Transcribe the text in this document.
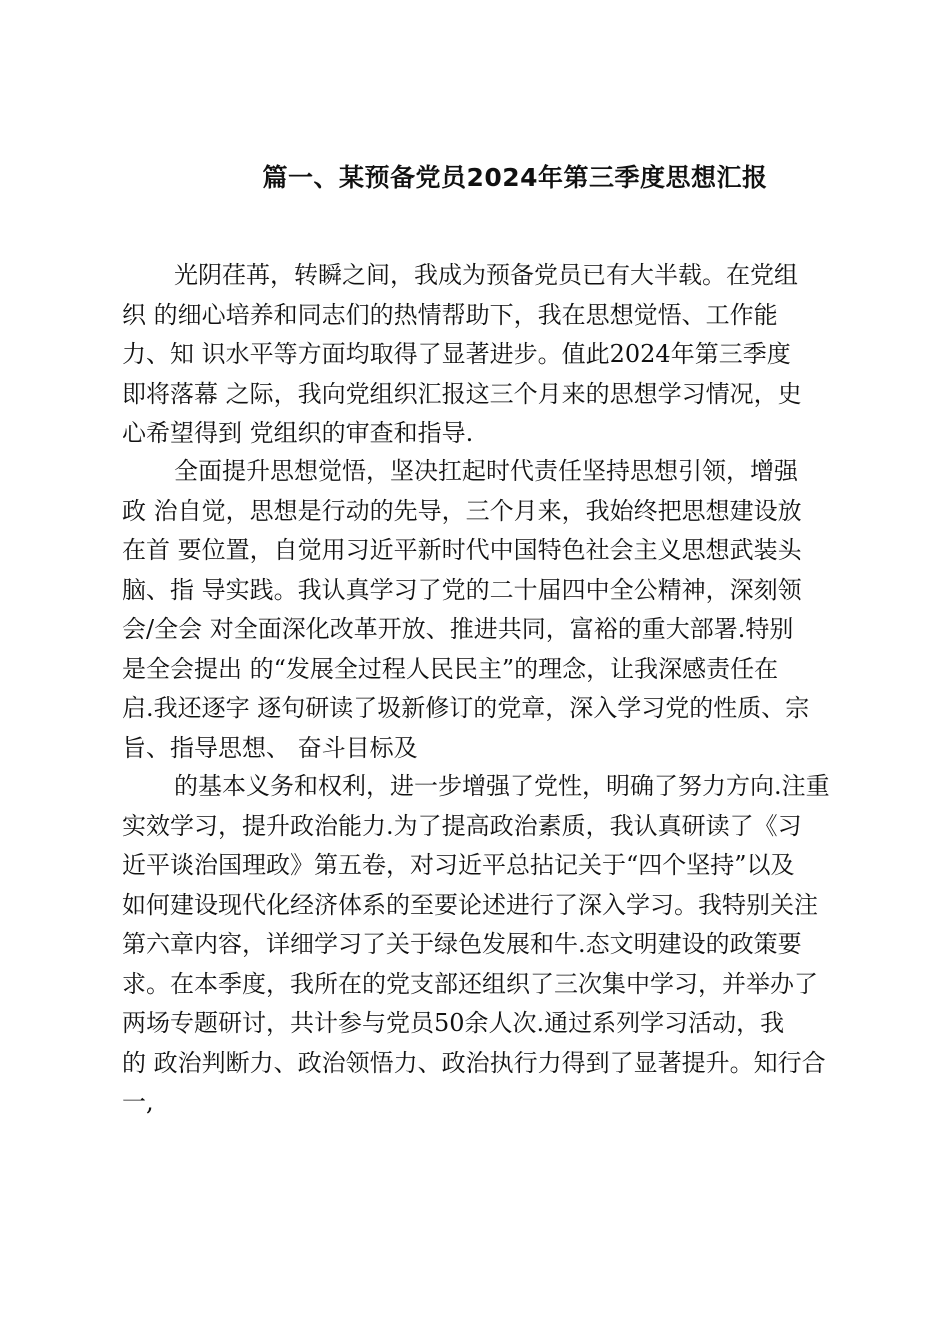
篇一、某预备党员2024年第三季度思想汇报
光阴荏苒，转瞬之间，我成为预备党员已有大半载。在党组
织 的细心培养和同志们的热情帮助下，我在思想觉悟、工作能
力、知 识水平等方面均取得了显著进步。值此2024年第三季度
即将落幕 之际，我向党组织汇报这三个月来的思想学习情况，史
心希望得到 党组织的审查和指导.
全面提升思想觉悟，坚决扛起时代责任坚持思想引领，增强
政 治自觉，思想是行动的先导，三个月来，我始终把思想建设放
在首 要位置，自觉用习近平新时代中国特色社会主义思想武装头
脑、指 导实践。我认真学习了党的二十届四中全公精神，深刻领
会/全会 对全面深化改革开放、推进共同，富裕的重大部署.特别
是全会提出 的“发展全过程人民民主”的理念，让我深感责任在
启.我还逐字 逐句研读了圾新修订的党章，深入学习党的性质、宗
旨、指导思想、 奋斗目标及
的基本义务和权利，进一步增强了党性，明确了努力方向.注重
实效学习，提升政治能力.为了提高政治素质，我认真研读了《习
近平谈治国理政》第五卷，对习近平总拈记关于“四个坚持”以及
如何建设现代化经济体系的至要论述进行了深入学习。我特别关注
第六章内容，详细学习了关于绿色发展和牛.态文明建设的政策要
求。在本季度，我所在的党支部还组织了三次集中学习，并举办了
两场专题研讨，共计参与党员50余人次.通过系列学习活动，我
的 政治判断力、政治领悟力、政治执行力得到了显著提升。知行合
一,
